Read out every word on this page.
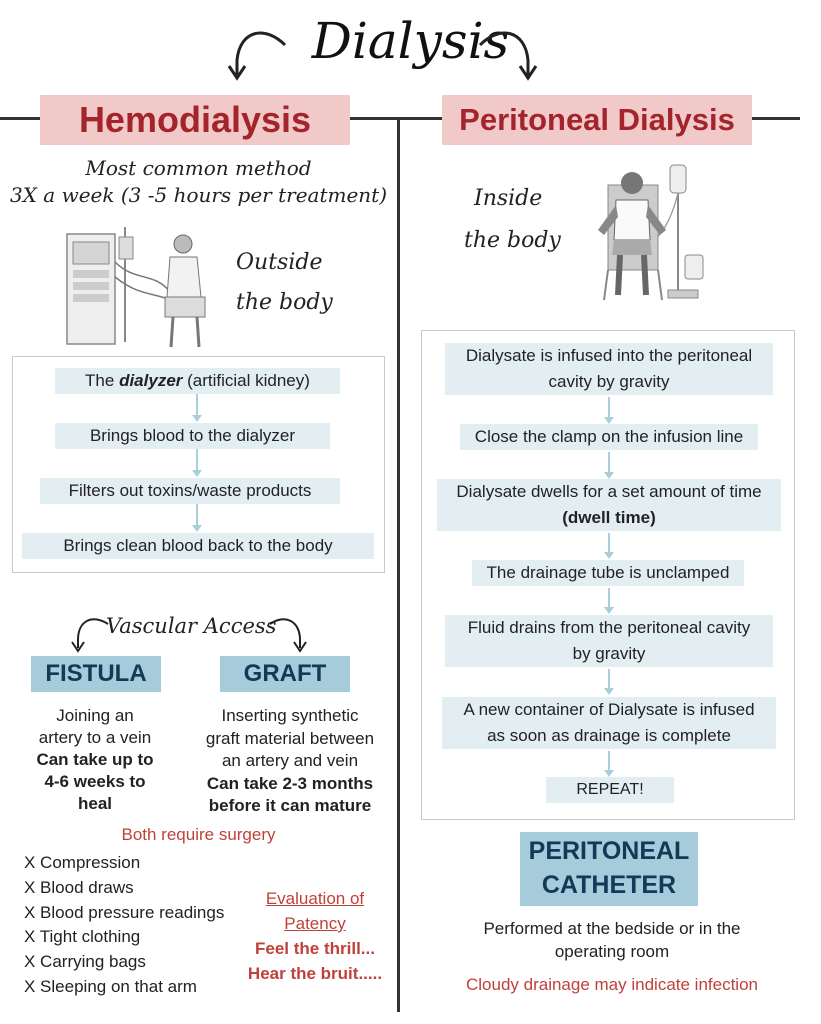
Dialysis
Hemodialysis
Most common method
3X a week (3 -5 hours per treatment)
Outside
the body
The dialyzer (artificial kidney)
Brings blood to the dialyzer
Filters out toxins/waste products
Brings clean blood back to the body
Vascular Access
FISTULA	GRAFT
Joining an
artery to a vein
Can take up to
4-6 weeks to
heal
Inserting synthetic
graft material between
an artery and vein
Can take 2-3 months
before it can mature
Both require surgery
X Compression
X Blood draws
X Blood pressure readings
X Tight clothing
X Carrying bags
X Sleeping on that arm
Evaluation of
Patency
Feel the thrill...
Hear the bruit.....
Peritoneal Dialysis
Inside
the body
Dialysate is infused into the peritoneal
cavity by gravity
Close the clamp on the infusion line
Dialysate dwells for a set amount of time
(dwell time)
The drainage tube is unclamped
Fluid drains from the peritoneal cavity
by gravity
A new container of Dialysate is infused
as soon as drainage is complete
REPEAT!
PERITONEAL
CATHETER
Performed at the bedside or in the
operating room
Cloudy drainage may indicate infection
